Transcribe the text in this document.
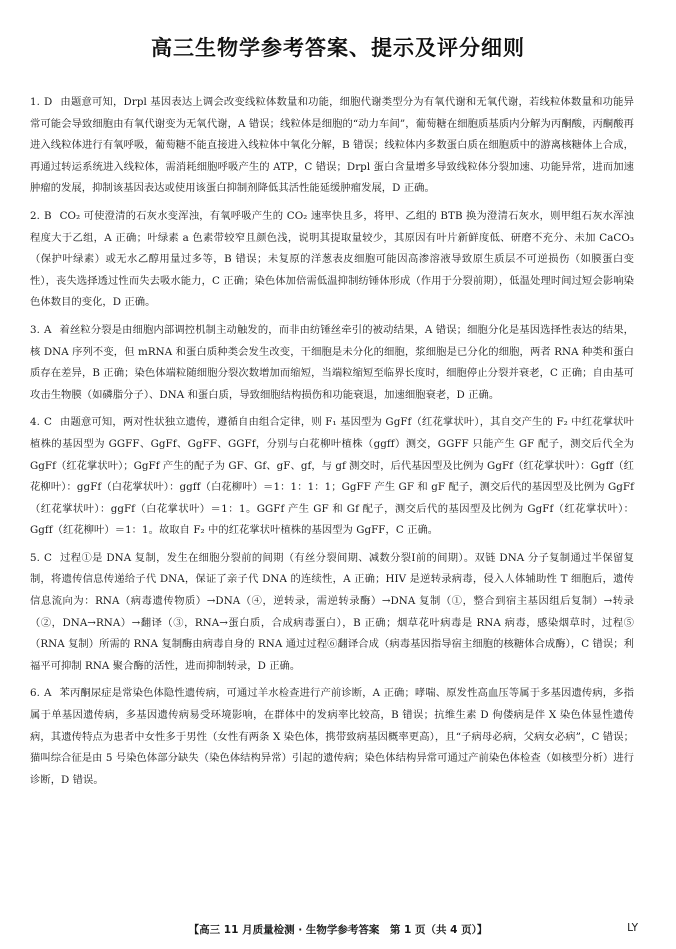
高三生物学参考答案、提示及评分细则

1. D 由题意可知，Drpl 基因表达上调会改变线粒体数量和功能，细胞代谢类型分为有氧代谢和无氧代谢，若线粒体数量和功能异常可能会导致细胞由有氧代谢变为无氧代谢，A 错误；线粒体是细胞的“动力车间”，葡萄糖在细胞质基质内分解为丙酮酸，丙酮酸再进入线粒体进行有氧呼吸，葡萄糖不能直接进入线粒体中氧化分解，B 错误；线粒体内多数蛋白质在细胞质中的游离核糖体上合成，再通过转运系统进入线粒体，需消耗细胞呼吸产生的 ATP，C 错误；Drpl 蛋白含量增多导致线粒体分裂加速、功能异常，进而加速肿瘤的发展，抑制该基因表达或使用该蛋白抑制剂降低其活性能延缓肿瘤发展，D 正确。

2. B CO₂ 可使澄清的石灰水变浑浊，有氧呼吸产生的 CO₂ 速率快且多，将甲、乙组的 BTB 换为澄清石灰水，则甲组石灰水浑浊程度大于乙组，A 正确；叶绿素 a 色素带较窄且颜色浅，说明其提取量较少，其原因有叶片新鲜度低、研磨不充分、未加 CaCO₃（保护叶绿素）或无水乙醇用量过多等，B 错误；未复原的洋葱表皮细胞可能因高渗溶液导致原生质层不可逆损伤（如膜蛋白变性），丧失选择透过性而失去吸水能力，C 正确；染色体加倍需低温抑制纺锤体形成（作用于分裂前期），低温处理时间过短会影响染色体数目的变化，D 正确。

3. A 着丝粒分裂是由细胞内部调控机制主动触发的，而非由纺锤丝牵引的被动结果，A 错误；细胞分化是基因选择性表达的结果，核 DNA 序列不变，但 mRNA 和蛋白质种类会发生改变，干细胞是未分化的细胞，浆细胞是已分化的细胞，两者 RNA 种类和蛋白质存在差异，B 正确；染色体端粒随细胞分裂次数增加而缩短，当端粒缩短至临界长度时，细胞停止分裂并衰老，C 正确；自由基可攻击生物膜（如磷脂分子）、DNA 和蛋白质，导致细胞结构损伤和功能衰退，加速细胞衰老，D 正确。

4. C 由题意可知，两对性状独立遗传，遵循自由组合定律，则 F₁ 基因型为 GgFf（红花掌状叶），其自交产生的 F₂ 中红花掌状叶植株的基因型为 GGFF、GgFf、GgFF、GGFf，分别与白花柳叶植株（ggff）测交，GGFF 只能产生 GF 配子，测交后代全为 GgFf（红花掌状叶）；GgFf 产生的配子为 GF、Gf、gF、gf，与 gf 测交时，后代基因型及比例为 GgFf（红花掌状叶）：Ggff（红花柳叶）：ggFf（白花掌状叶）：ggff（白花柳叶）＝1：1：1：1；GgFF 产生 GF 和 gF 配子，测交后代的基因型及比例为 GgFf（红花掌状叶）：ggFf（白花掌状叶）＝1：1。GGFf 产生 GF 和 Gf 配子，测交后代的基因型及比例为 GgFf（红花掌状叶）：Ggff（红花柳叶）＝1：1。故取自 F₂ 中的红花掌状叶植株的基因型为 GgFF，C 正确。

5. C 过程①是 DNA 复制，发生在细胞分裂前的间期（有丝分裂间期、减数分裂Ⅰ前的间期）。双链 DNA 分子复制通过半保留复制，将遗传信息传递给子代 DNA，保证了亲子代 DNA 的连续性，A 正确；HIV 是逆转录病毒，侵入人体辅助性 T 细胞后，遗传信息流向为：RNA（病毒遗传物质）→DNA（④，逆转录，需逆转录酶）→DNA 复制（①，整合到宿主基因组后复制）→转录（②，DNA→RNA）→翻译（③，RNA→蛋白质，合成病毒蛋白），B 正确；烟草花叶病毒是 RNA 病毒，感染烟草时，过程⑤（RNA 复制）所需的 RNA 复制酶由病毒自身的 RNA 通过过程⑥翻译合成（病毒基因指导宿主细胞的核糖体合成酶），C 错误；利福平可抑制 RNA 聚合酶的活性，进而抑制转录，D 正确。

6. A 苯丙酮尿症是常染色体隐性遗传病，可通过羊水检查进行产前诊断，A 正确；哮喘、原发性高血压等属于多基因遗传病，多指属于单基因遗传病，多基因遗传病易受环境影响，在群体中的发病率比较高，B 错误；抗维生素 D 佝偻病是伴 X 染色体显性遗传病，其遗传特点为患者中女性多于男性（女性有两条 X 染色体，携带致病基因概率更高），且“子病母必病，父病女必病”，C 错误；猫叫综合征是由 5 号染色体部分缺失（染色体结构异常）引起的遗传病；染色体结构异常可通过产前染色体检查（如核型分析）进行诊断，D 错误。

【高三 11 月质量检测 · 生物学参考答案　第 1 页（共 4 页）】	LY
